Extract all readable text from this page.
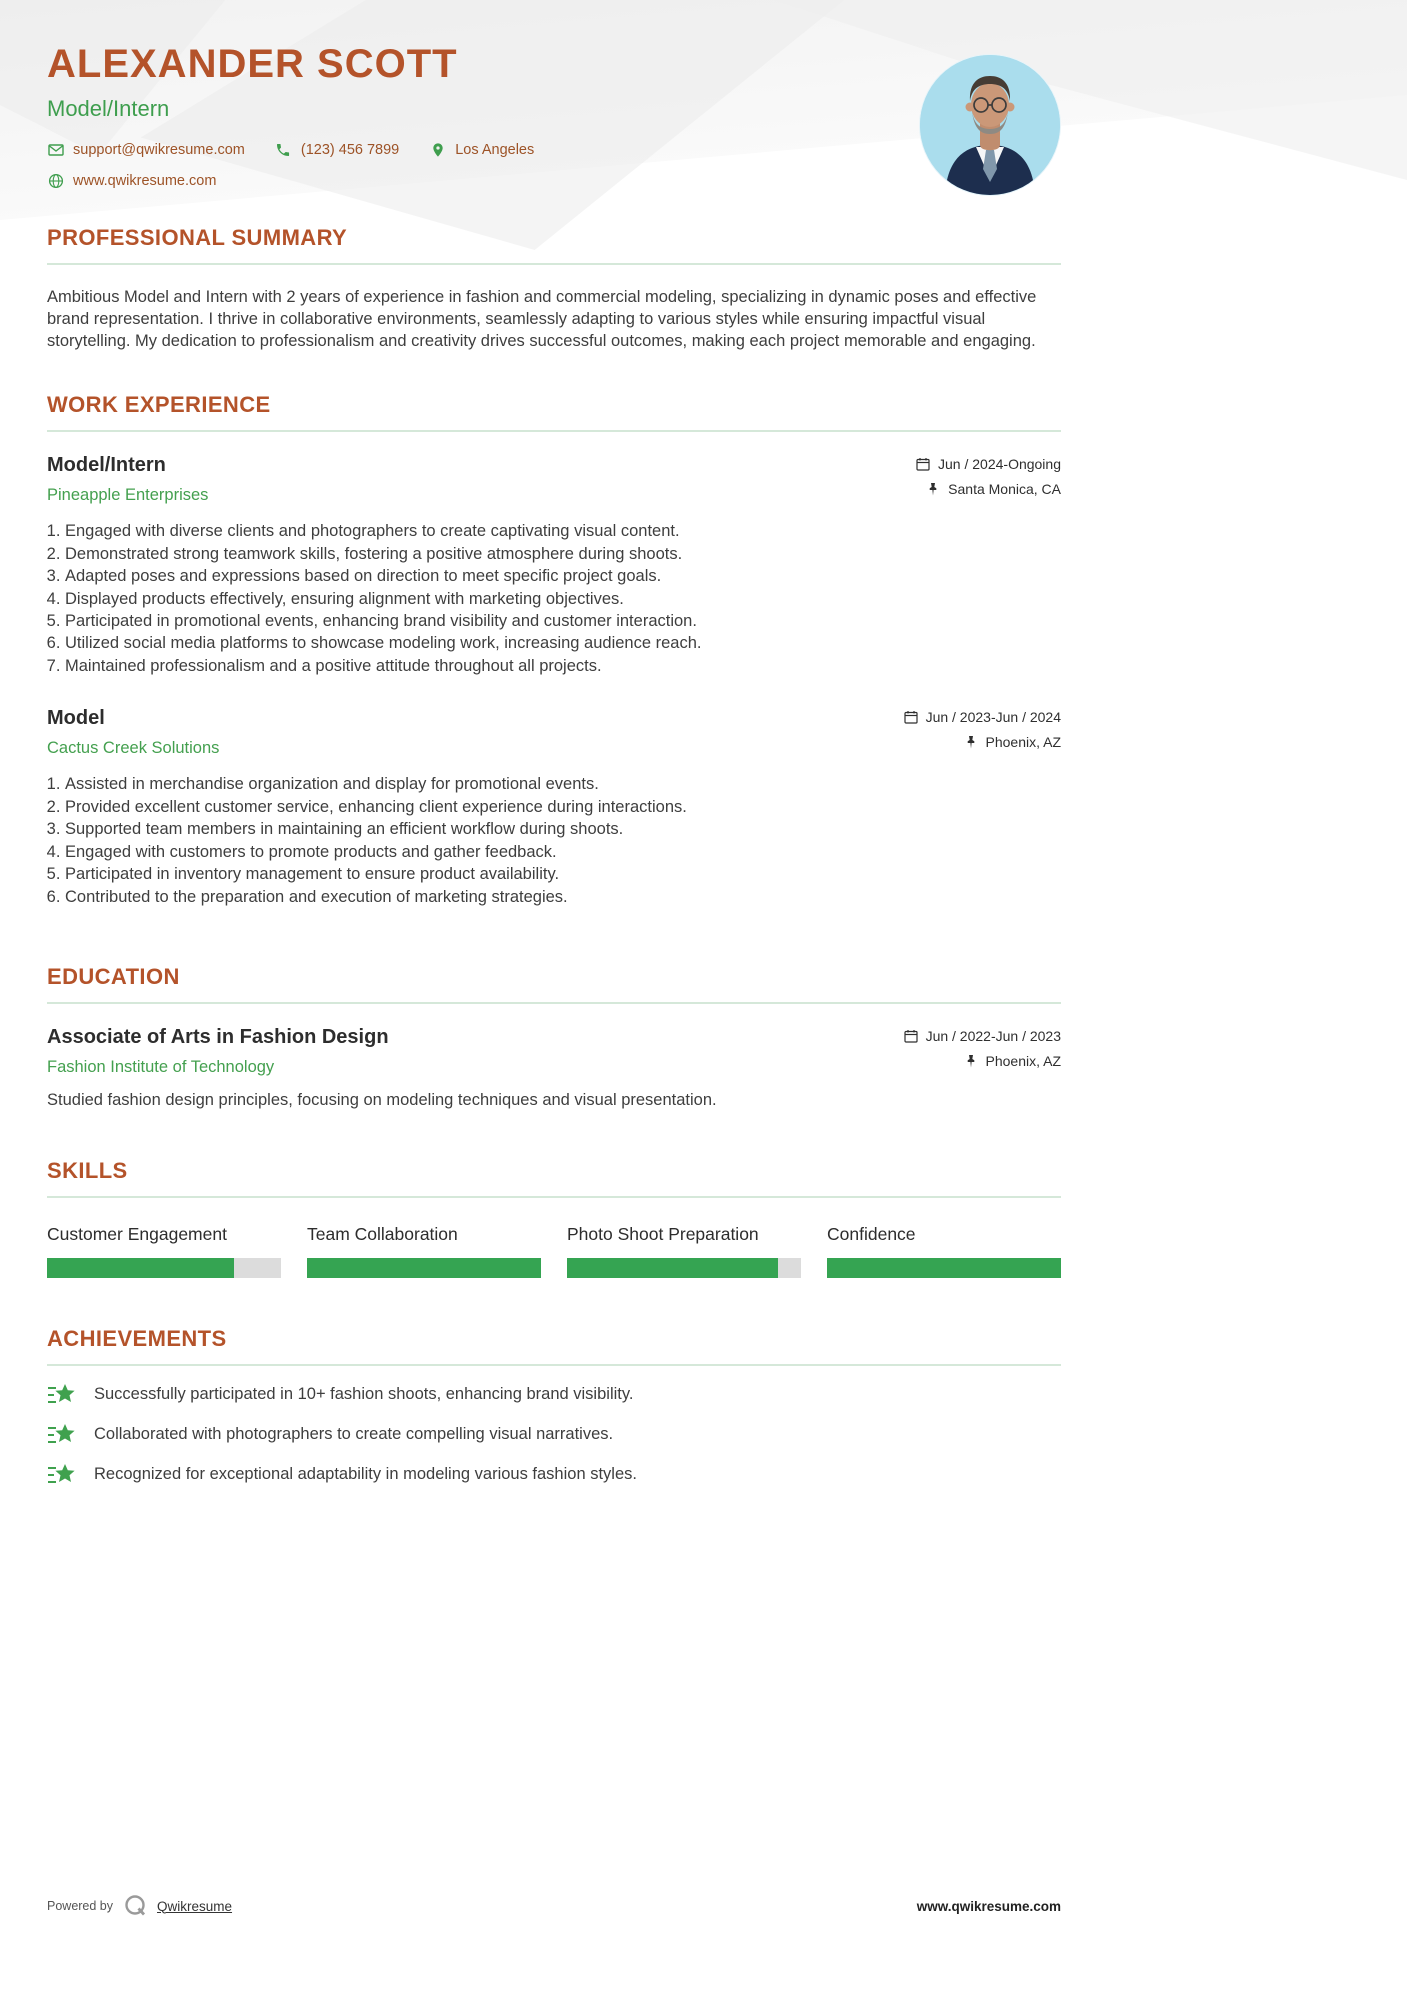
ALEXANDER SCOTT
Model/Intern
support@qwikresume.com	(123) 456 7899	Los Angeles
www.qwikresume.com
PROFESSIONAL SUMMARY

Ambitious Model and Intern with 2 years of experience in fashion and commercial modeling, specializing in dynamic poses and effective brand representation. I thrive in collaborative environments, seamlessly adapting to various styles while ensuring impactful visual storytelling. My dedication to professionalism and creativity drives successful outcomes, making each project memorable and engaging.

WORK EXPERIENCE
Model/Intern
Pineapple Enterprises
Jun / 2024-Ongoing
Santa Monica, CA
1. Engaged with diverse clients and photographers to create captivating visual content.
2. Demonstrated strong teamwork skills, fostering a positive atmosphere during shoots.
3. Adapted poses and expressions based on direction to meet specific project goals.
4. Displayed products effectively, ensuring alignment with marketing objectives.
5. Participated in promotional events, enhancing brand visibility and customer interaction.
6. Utilized social media platforms to showcase modeling work, increasing audience reach.
7. Maintained professionalism and a positive attitude throughout all projects.
Model
Cactus Creek Solutions
Jun / 2023-Jun / 2024
Phoenix, AZ
1. Assisted in merchandise organization and display for promotional events.
2. Provided excellent customer service, enhancing client experience during interactions.
3. Supported team members in maintaining an efficient workflow during shoots.
4. Engaged with customers to promote products and gather feedback.
5. Participated in inventory management to ensure product availability.
6. Contributed to the preparation and execution of marketing strategies.
EDUCATION
Associate of Arts in Fashion Design
Fashion Institute of Technology
Jun / 2022-Jun / 2023
Phoenix, AZ

Studied fashion design principles, focusing on modeling techniques and visual presentation.

SKILLS
Customer Engagement	Team Collaboration	Photo Shoot Preparation	Confidence
ACHIEVEMENTS
Successfully participated in 10+ fashion shoots, enhancing brand visibility.
Collaborated with photographers to create compelling visual narratives.
Recognized for exceptional adaptability in modeling various fashion styles.
Powered by	Qwikresume	www.qwikresume.com
